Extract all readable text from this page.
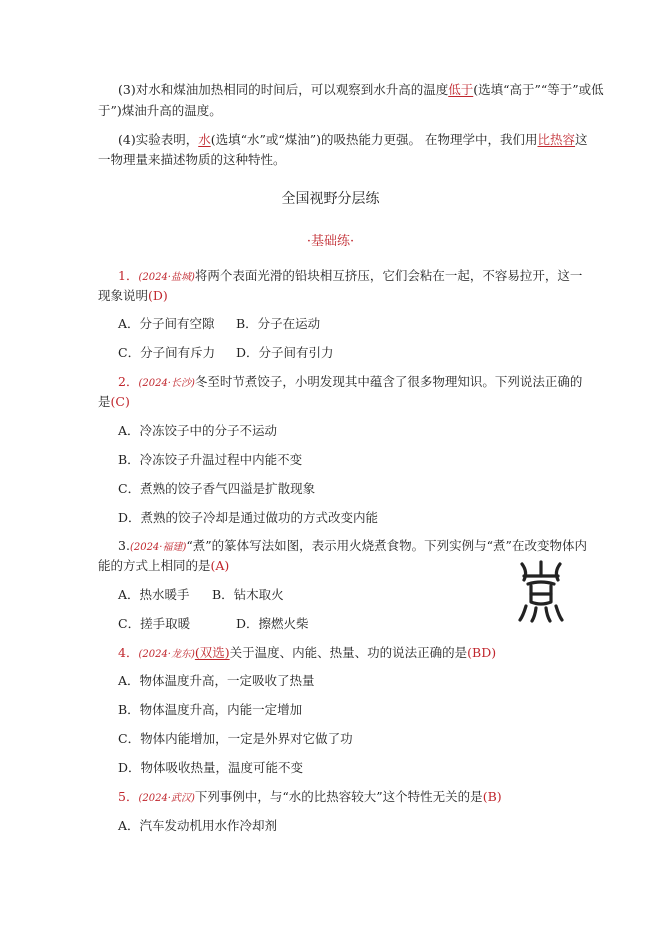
(3)对水和煤油加热相同的时间后，可以观察到水升高的温度低于(选填“高于”“等于”或低
于”)煤油升高的温度。
(4)实验表明，水(选填“水”或“煤油”)的吸热能力更强。 在物理学中，我们用比热容这
一物理量来描述物质的这种特性。
全国视野分层练
·基础练·
1．(2024·盐城)将两个表面光滑的铅块相互挤压，它们会粘在一起，不容易拉开，这一
现象说明(D)
A．分子间有空隙 B．分子在运动
C．分子间有斥力 D．分子间有引力
2．(2024·长沙)冬至时节煮饺子，小明发现其中蕴含了很多物理知识。下列说法正确的
是(C)
A．冷冻饺子中的分子不运动
B．冷冻饺子升温过程中内能不变
C．煮熟的饺子香气四溢是扩散现象
D．煮熟的饺子冷却是通过做功的方式改变内能
3.(2024·福建)“煮”的篆体写法如图，表示用火烧煮食物。下列实例与“煮”在改变物体内
能的方式上相同的是(A)
A．热水暖手 B．钻木取火
C．搓手取暖	D．擦燃火柴
4．(2024·龙东)(双选)关于温度、内能、热量、功的说法正确的是(BD)
A．物体温度升高，一定吸收了热量
B．物体温度升高，内能一定增加
C．物体内能增加，一定是外界对它做了功
D．物体吸收热量，温度可能不变
5．(2024·武汉)下列事例中，与“水的比热容较大”这个特性无关的是(B)
A．汽车发动机用水作冷却剂
